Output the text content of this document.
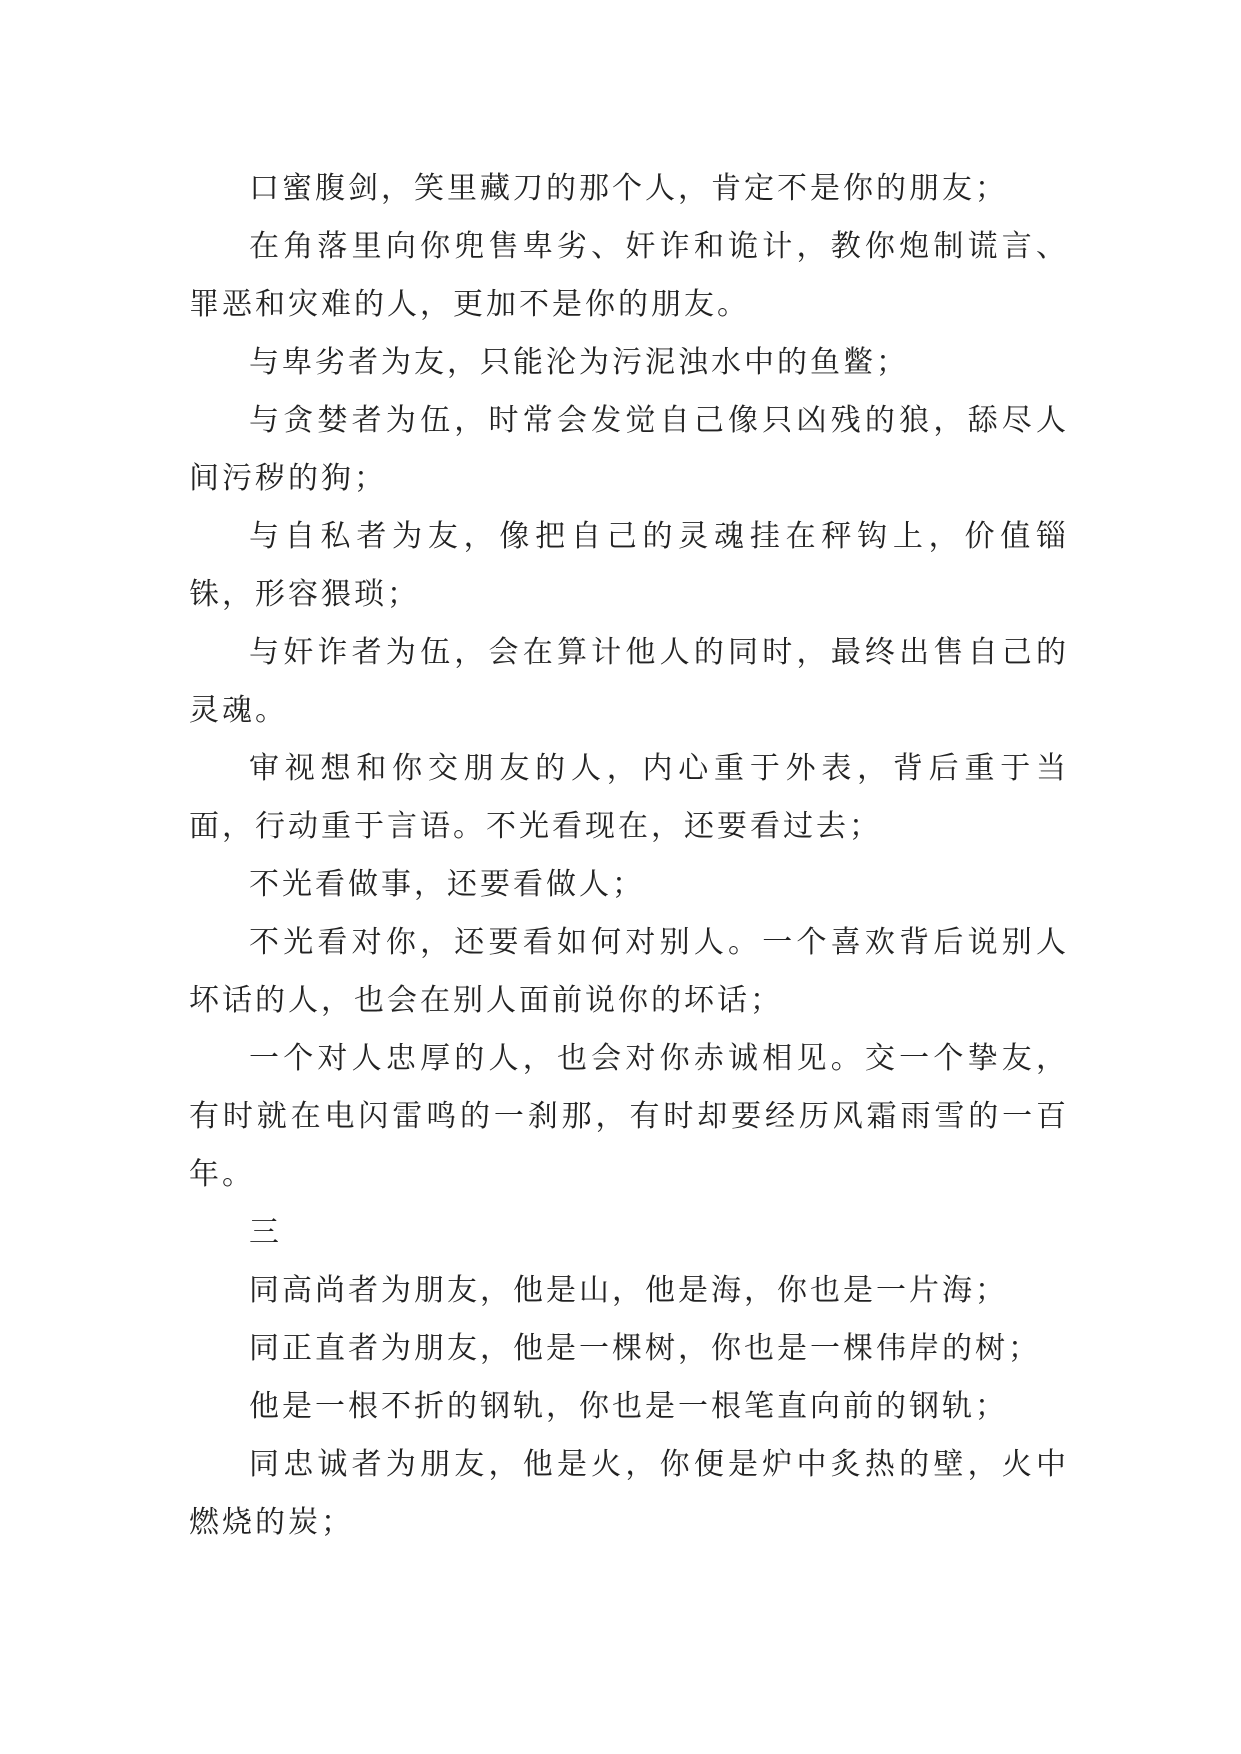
口蜜腹剑，笑里藏刀的那个人，肯定不是你的朋友；

在角落里向你兜售卑劣、奸诈和诡计，教你炮制谎言、罪恶和灾难的人，更加不是你的朋友。

与卑劣者为友，只能沦为污泥浊水中的鱼鳖；

与贪婪者为伍，时常会发觉自己像只凶残的狼，舔尽人间污秽的狗；

与自私者为友，像把自己的灵魂挂在秤钩上，价值锱铢，形容猥琐；

与奸诈者为伍，会在算计他人的同时，最终出售自己的灵魂。

审视想和你交朋友的人，内心重于外表，背后重于当面，行动重于言语。不光看现在，还要看过去；

不光看做事，还要看做人；

不光看对你，还要看如何对别人。一个喜欢背后说别人坏话的人，也会在别人面前说你的坏话；

一个对人忠厚的人，也会对你赤诚相见。交一个挚友，有时就在电闪雷鸣的一刹那，有时却要经历风霜雨雪的一百年。

三

同高尚者为朋友，他是山，他是海，你也是一片海；

同正直者为朋友，他是一棵树，你也是一棵伟岸的树；

他是一根不折的钢轨，你也是一根笔直向前的钢轨；

同忠诚者为朋友，他是火，你便是炉中炙热的壁，火中燃烧的炭；
